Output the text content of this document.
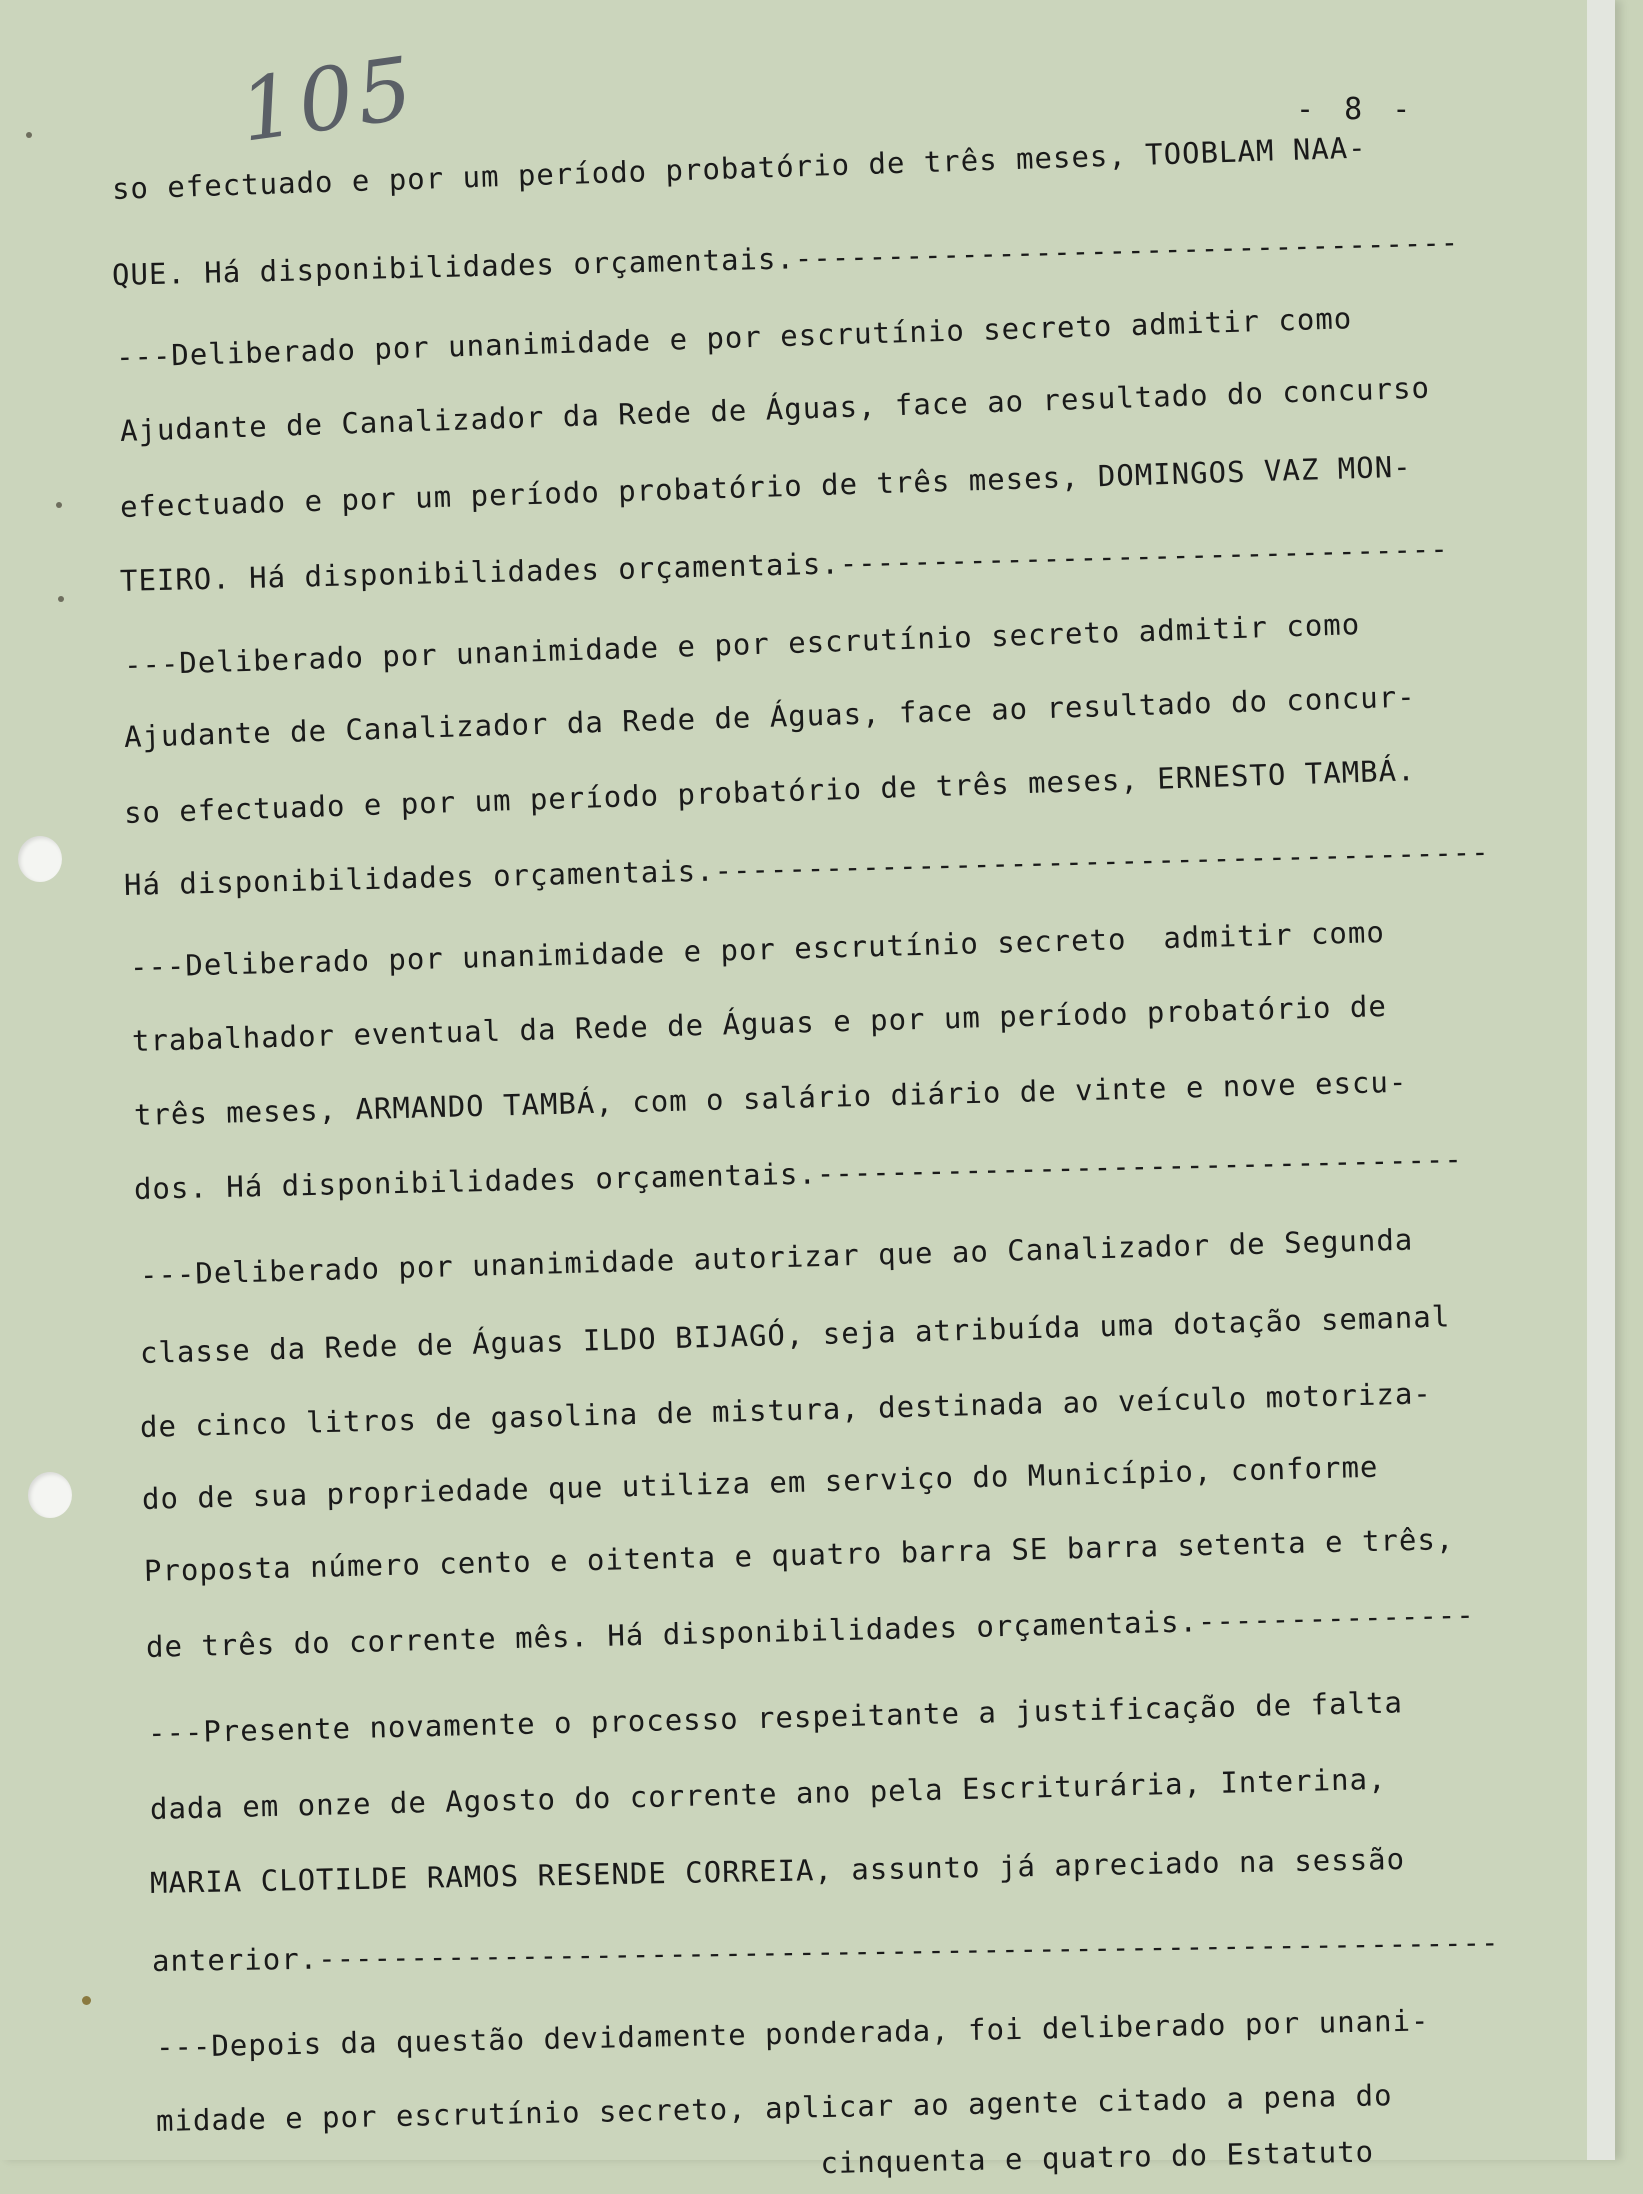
105	- 8 -
so efectuado e por um período probatório de três meses, TOOBLAM NAA-
QUE. Há disponibilidades orçamentais.------------------------------------
---Deliberado por unanimidade e por escrutínio secreto admitir como
Ajudante de Canalizador da Rede de Águas, face ao resultado do concurso
efectuado e por um período probatório de três meses, DOMINGOS VAZ MON-
TEIRO. Há disponibilidades orçamentais.---------------------------------
---Deliberado por unanimidade e por escrutínio secreto admitir como
Ajudante de Canalizador da Rede de Águas, face ao resultado do concur-
so efectuado e por um período probatório de três meses, ERNESTO TAMBÁ.
Há disponibilidades orçamentais.------------------------------------------
---Deliberado por unanimidade e por escrutínio secreto  admitir como
trabalhador eventual da Rede de Águas e por um período probatório de
três meses, ARMANDO TAMBÁ, com o salário diário de vinte e nove escu-
dos. Há disponibilidades orçamentais.-----------------------------------
---Deliberado por unanimidade autorizar que ao Canalizador de Segunda
classe da Rede de Águas ILDO BIJAGÓ, seja atribuída uma dotação semanal
de cinco litros de gasolina de mistura, destinada ao veículo motoriza-
do de sua propriedade que utiliza em serviço do Município, conforme
Proposta número cento e oitenta e quatro barra SE barra setenta e três,
de três do corrente mês. Há disponibilidades orçamentais.---------------
---Presente novamente o processo respeitante a justificação de falta
dada em onze de Agosto do corrente ano pela Escriturária, Interina,
MARIA CLOTILDE RAMOS RESENDE CORREIA, assunto já apreciado na sessão
anterior.----------------------------------------------------------------
---Depois da questão devidamente ponderada, foi deliberado por unani-
midade e por escrutínio secreto, aplicar ao agente citado a pena do
cinquenta e quatro do Estatuto
